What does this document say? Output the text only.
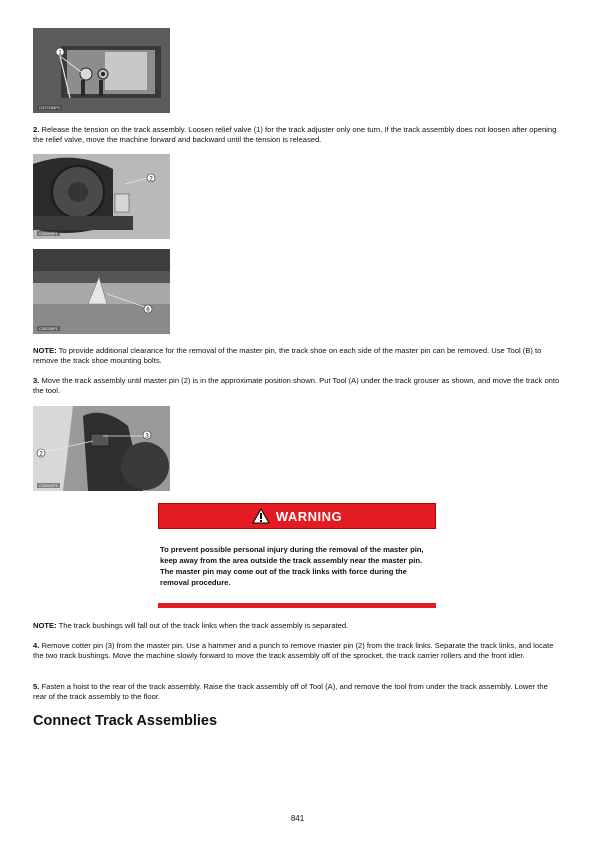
1
C477169P1

2. Release the tension on the track assembly. Loosen relief valve (1) for the track adjuster only one turn. If the track assembly does not loosen after opening the relief valve, move the machine forward and backward until the tension is released.

2
C28509P1
6
C30035P1

NOTE: To provide additional clearance for the removal of the master pin, the track shoe on each side of the master pin can be removed. Use Tool (B) to remove the track shoe mounting bolts.

3. Move the track assembly until master pin (2) is in the approximate position shown. Put Tool (A) under the track grouser as shown, and move the track onto the tool.

3
2
C28500P1
WARNING

To prevent possible personal injury during the removal of the master pin, keep away from the area outside the track assembly near the master pin. The master pin may come out of the track links with force during the removal procedure.

NOTE: The track bushings will fall out of the track links when the track assembly is separated.

4. Remove cotter pin (3) from the master pin. Use a hammer and a punch to remove master pin (2) from the track links. Separate the track links, and locate the two track bushings. Move the machine slowly forward to move the track assembly off of the sprocket, the track carrier rollers and the front idler.

5. Fasten a hoist to the rear of the track assembly. Raise the track assembly off of Tool (A), and remove the tool from under the track assembly. Lower the rear of the track assembly to the floor.

Connect Track Assemblies
841
